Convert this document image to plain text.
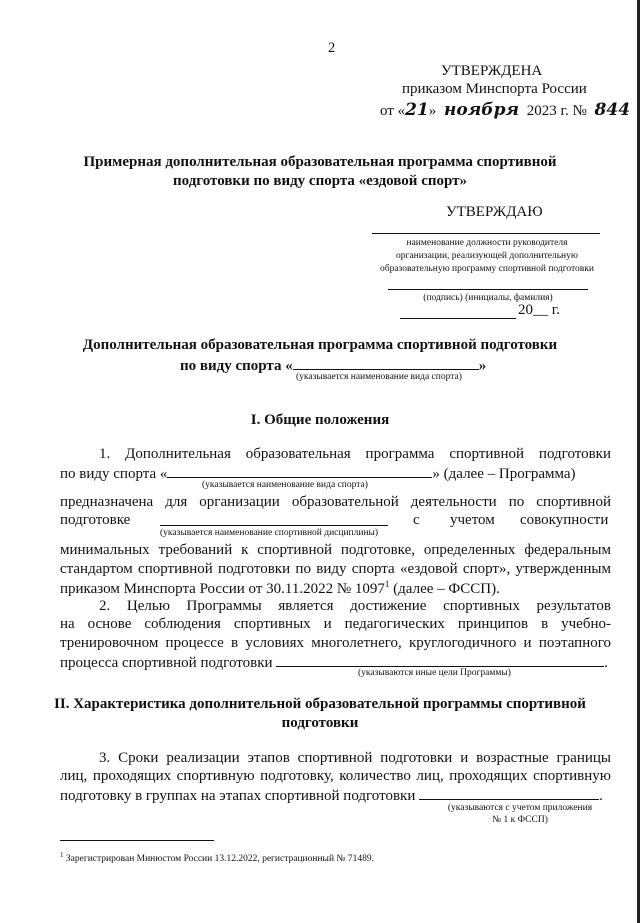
2
УТВЕРЖДЕНА
приказом Минспорта России
от «21» ноября 2023 г. № 844
Примерная дополнительная образовательная программа спортивной
подготовки по виду спорта «ездовой спорт»
УТВЕРЖДАЮ
наименование должности руководителя
организации, реализующей дополнительную
образовательную программу спортивной подготовки
(подпись) (инициалы, фамилия)
20__ г.
Дополнительная образовательная программа спортивной подготовки
по виду спорта «	»
(указывается наименование вида спорта)
I. Общие положения
1. Дополнительная образовательная программа спортивной подготовки
по виду спорта «	» (далее – Программа)
(указывается наименование вида спорта)
предназначена для организации образовательной деятельности по спортивной
подготовке	с учетом совокупности
(указывается наименование спортивной дисциплины)
минимальных требований к спортивной подготовке, определенных федеральным
стандартом спортивной подготовки по виду спорта «ездовой спорт», утвержденным
приказом Минспорта России от 30.11.2022 № 1097$^1$ (далее – ФССП).
2. Целью Программы является достижение спортивных результатов
на основе соблюдения спортивных и педагогических принципов в учебно-
тренировочном процессе в условиях многолетнего, круглогодичного и поэтапного
процесса спортивной подготовки	.
(указываются иные цели Программы)
II. Характеристика дополнительной образовательной программы спортивной
подготовки
3. Сроки реализации этапов спортивной подготовки и возрастные границы
лиц, проходящих спортивную подготовку, количество лиц, проходящих спортивную
подготовку в группах на этапах спортивной подготовки	.
(указываются с учетом приложения
№ 1 к ФССП)
$^1$ Зарегистрирован Минюстом России 13.12.2022, регистрационный № 71489.
